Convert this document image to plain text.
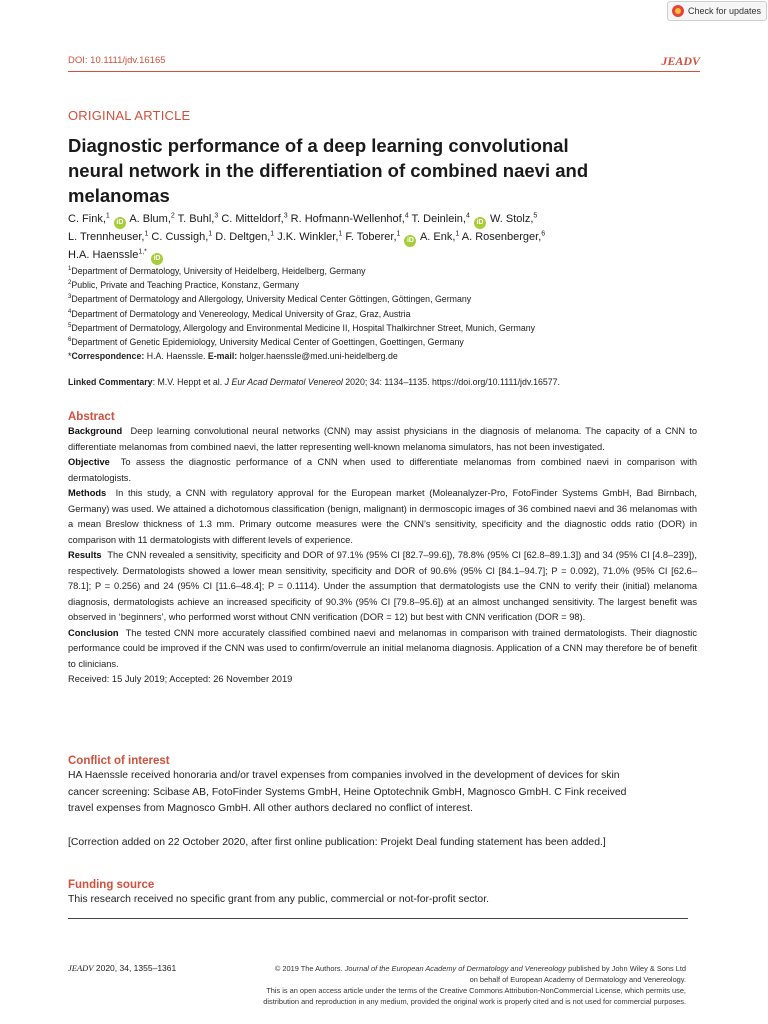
Check for updates
DOI: 10.1111/jdv.16165	JEADV
ORIGINAL ARTICLE
Diagnostic performance of a deep learning convolutional neural network in the differentiation of combined naevi and melanomas
C. Fink,$^1$ iD A. Blum,$^2$ T. Buhl,$^3$ C. Mitteldorf,$^3$ R. Hofmann-Wellenhof,$^4$ T. Deinlein,$^4$ iD W. Stolz,$^5$
L. Trennheuser,$^1$ C. Cussigh,$^1$ D. Deltgen,$^1$ J.K. Winkler,$^1$ F. Toberer,$^1$ iD A. Enk,$^1$ A. Rosenberger,$^6$
H.A. Haenssle$^{1,*}$ iD
$^1$Department of Dermatology, University of Heidelberg, Heidelberg, Germany
$^2$Public, Private and Teaching Practice, Konstanz, Germany
$^3$Department of Dermatology and Allergology, University Medical Center Göttingen, Göttingen, Germany
$^4$Department of Dermatology and Venereology, Medical University of Graz, Graz, Austria
$^5$Department of Dermatology, Allergology and Environmental Medicine II, Hospital Thalkirchner Street, Munich, Germany
$^6$Department of Genetic Epidemiology, University Medical Center of Goettingen, Goettingen, Germany
*Correspondence: H.A. Haenssle. E-mail: holger.haenssle@med.uni-heidelberg.de
Linked Commentary: M.V. Heppt et al. J Eur Acad Dermatol Venereol 2020; 34: 1134–1135. https://doi.org/10.1111/jdv.16577.
Abstract

Background Deep learning convolutional neural networks (CNN) may assist physicians in the diagnosis of melanoma. The capacity of a CNN to differentiate melanomas from combined naevi, the latter representing well-known melanoma simulators, has not been investigated.

Objective To assess the diagnostic performance of a CNN when used to differentiate melanomas from combined naevi in comparison with dermatologists.

Methods In this study, a CNN with regulatory approval for the European market (Moleanalyzer-Pro, FotoFinder Systems GmbH, Bad Birnbach, Germany) was used. We attained a dichotomous classification (benign, malignant) in dermoscopic images of 36 combined naevi and 36 melanomas with a mean Breslow thickness of 1.3 mm. Primary outcome measures were the CNN’s sensitivity, specificity and the diagnostic odds ratio (DOR) in comparison with 11 dermatologists with different levels of experience.

Results The CNN revealed a sensitivity, specificity and DOR of 97.1% (95% CI [82.7–99.6]), 78.8% (95% CI [62.8–89.1.3]) and 34 (95% CI [4.8–239]), respectively. Dermatologists showed a lower mean sensitivity, specificity and DOR of 90.6% (95% CI [84.1–94.7]; P = 0.092), 71.0% (95% CI [62.6–78.1]; P = 0.256) and 24 (95% CI [11.6–48.4]; P = 0.1114). Under the assumption that dermatologists use the CNN to verify their (initial) melanoma diagnosis, dermatologists achieve an increased specificity of 90.3% (95% CI [79.8–95.6]) at an almost unchanged sensitivity. The largest benefit was observed in ‘beginners’, who performed worst without CNN verification (DOR = 12) but best with CNN verification (DOR = 98).

Conclusion The tested CNN more accurately classified combined naevi and melanomas in comparison with trained dermatologists. Their diagnostic performance could be improved if the CNN was used to confirm/overrule an initial melanoma diagnosis. Application of a CNN may therefore be of benefit to clinicians.

Received: 15 July 2019; Accepted: 26 November 2019

Conflict of interest
HA Haenssle received honoraria and/or travel expenses from companies involved in the development of devices for skin cancer screening: Scibase AB, FotoFinder Systems GmbH, Heine Optotechnik GmbH, Magnosco GmbH. C Fink received travel expenses from Magnosco GmbH. All other authors declared no conflict of interest.
[Correction added on 22 October 2020, after first online publication: Projekt Deal funding statement has been added.]
Funding source
This research received no specific grant from any public, commercial or not-for-profit sector.
JEADV 2020, 34, 1355–1361	© 2019 The Authors. Journal of the European Academy of Dermatology and Venereology published by John Wiley & Sons Ltd
on behalf of European Academy of Dermatology and Venereology.
This is an open access article under the terms of the Creative Commons Attribution-NonCommercial License, which permits use,
distribution and reproduction in any medium, provided the original work is properly cited and is not used for commercial purposes.
